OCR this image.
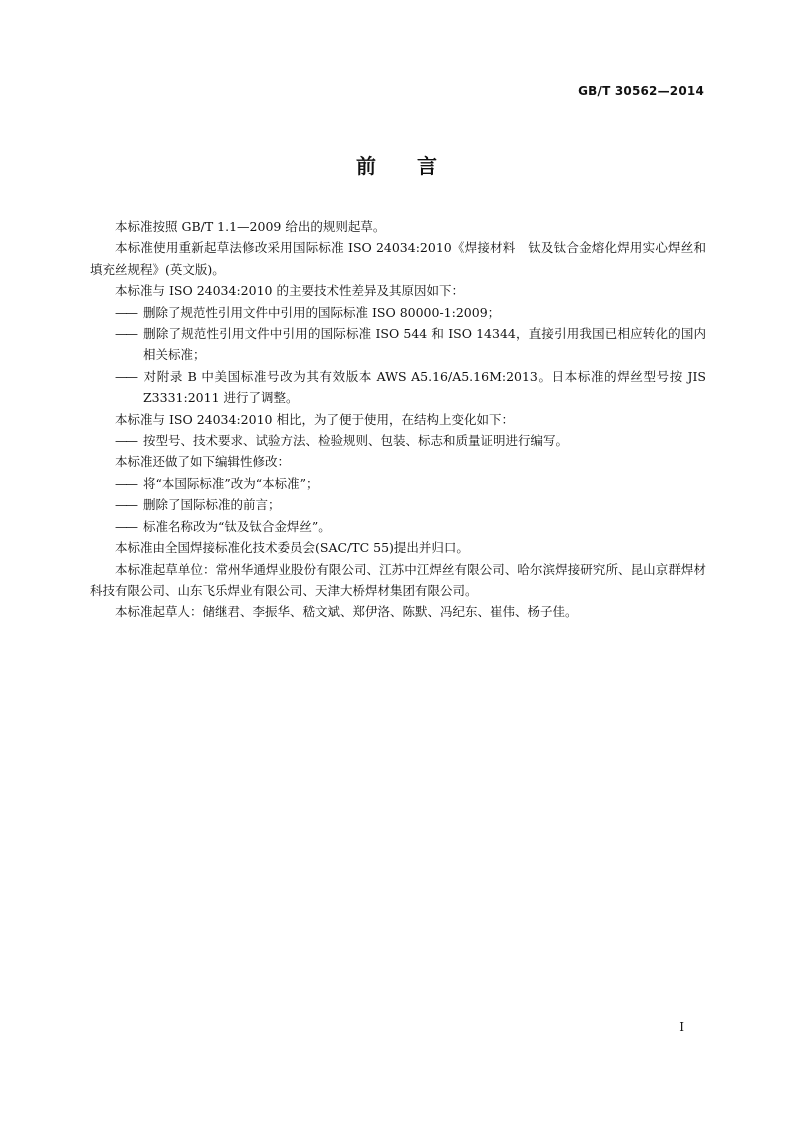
GB/T 30562—2014
前 言

本标准按照 GB/T 1.1—2009 给出的规则起草。

本标准使用重新起草法修改采用国际标准 ISO 24034:2010《焊接材料　钛及钛合金熔化焊用实心焊丝和填充丝规程》(英文版)。

本标准与 ISO 24034:2010 的主要技术性差异及其原因如下：

—— 删除了规范性引用文件中引用的国际标准 ISO 80000-1:2009；

—— 删除了规范性引用文件中引用的国际标准 ISO 544 和 ISO 14344，直接引用我国已相应转化的国内相关标准；

—— 对附录 B 中美国标准号改为其有效版本 AWS A5.16/A5.16M:2013。日本标准的焊丝型号按 JIS Z3331:2011 进行了调整。

本标准与 ISO 24034:2010 相比，为了便于使用，在结构上变化如下：

—— 按型号、技术要求、试验方法、检验规则、包装、标志和质量证明进行编写。

本标准还做了如下编辑性修改：

—— 将“本国际标准”改为“本标准”；

—— 删除了国际标准的前言；

—— 标准名称改为“钛及钛合金焊丝”。

本标准由全国焊接标准化技术委员会(SAC/TC 55)提出并归口。

本标准起草单位：常州华通焊业股份有限公司、江苏中江焊丝有限公司、哈尔滨焊接研究所、昆山京群焊材科技有限公司、山东飞乐焊业有限公司、天津大桥焊材集团有限公司。

本标准起草人：储继君、李振华、嵇文斌、郑伊洛、陈默、冯纪东、崔伟、杨子佳。

I
